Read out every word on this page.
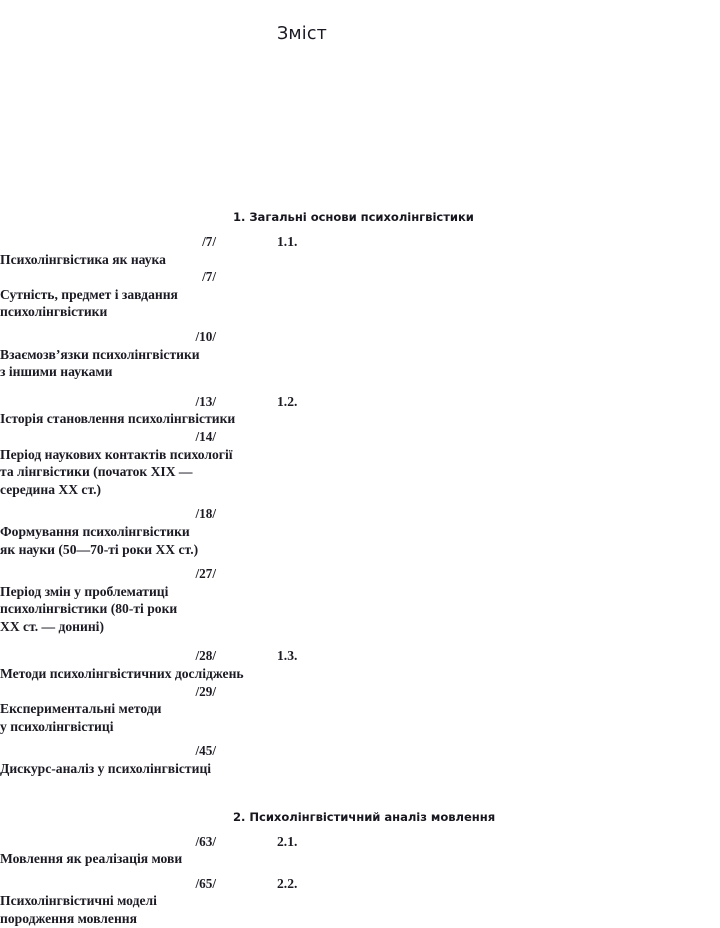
Зміст
1. Загальні основи психолінгвістики
/7/	1.1.
Психолінгвістика як наука
/7/
Сутність, предмет і завдання
психолінгвістики
/10/
Взаємозв’язки психолінгвістики
з іншими науками
/13/	1.2.
Історія становлення психолінгвістики
/14/
Період наукових контактів психології
та лінгвістики (початок XIX —
середина XX ст.)
/18/
Формування психолінгвістики
як науки (50—70-ті роки XX ст.)
/27/
Період змін у проблематиці
психолінгвістики (80-ті роки
XX ст. — донині)
/28/	1.3.
Методи психолінгвістичних досліджень
/29/
Експериментальні методи
у психолінгвістиці
/45/
Дискурс-аналіз у психолінгвістиці
2. Психолінгвістичний аналіз мовлення
/63/	2.1.
Мовлення як реалізація мови
/65/	2.2.
Психолінгвістичні моделі
породження мовлення
